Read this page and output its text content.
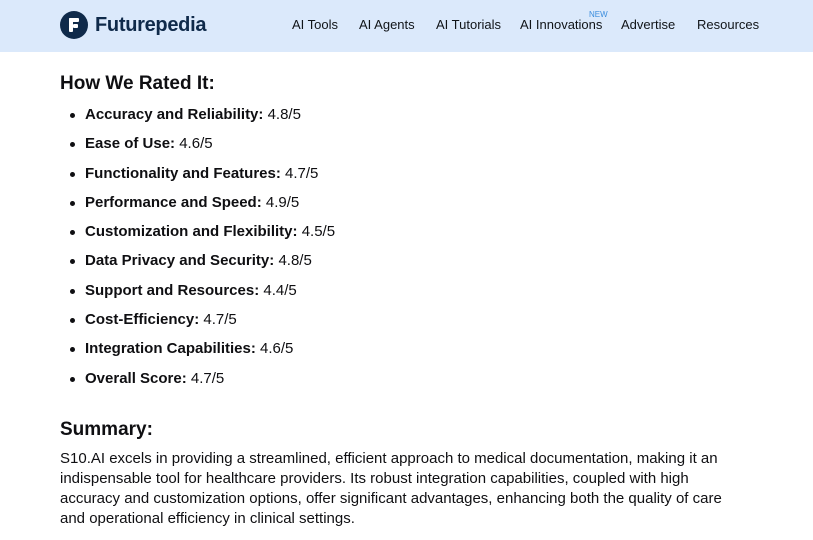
Futurepedia	AI Tools AI Agents AI Tutorials AI Innovations
NEW
Advertise Resources
How We Rated It:
Accuracy and Reliability: 4.8/5
Ease of Use: 4.6/5
Functionality and Features: 4.7/5
Performance and Speed: 4.9/5
Customization and Flexibility: 4.5/5
Data Privacy and Security: 4.8/5
Support and Resources: 4.4/5
Cost-Efficiency: 4.7/5
Integration Capabilities: 4.6/5
Overall Score: 4.7/5
Summary:

S10.AI excels in providing a streamlined, efficient approach to medical documentation, making it an indispensable tool for healthcare providers. Its robust integration capabilities, coupled with high accuracy and customization options, offer significant advantages, enhancing both the quality of care and operational efficiency in clinical settings.
